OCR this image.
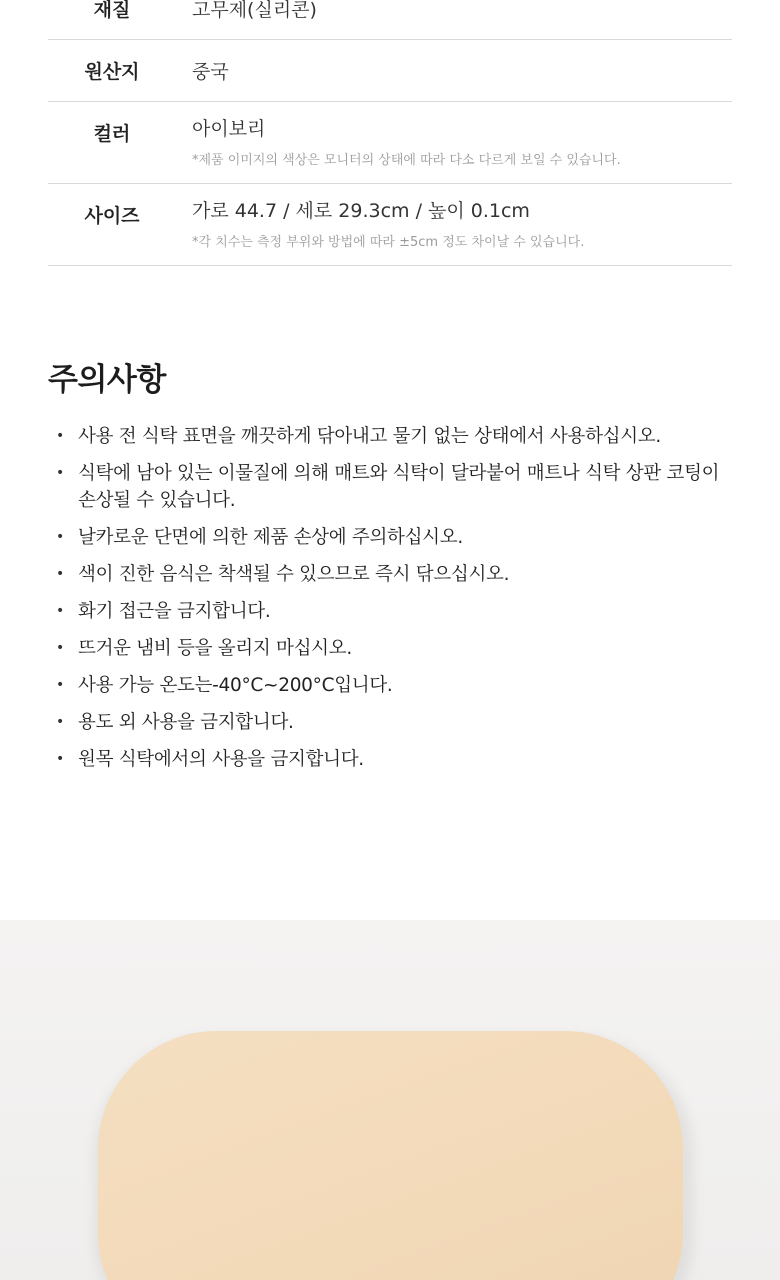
재질	고무제(실리콘)
원산지	중국
컬러	아이보리
*제품 이미지의 색상은 모니터의 상태에 따라 다소 다르게 보일 수 있습니다.
사이즈	가로 44.7 / 세로 29.3cm / 높이 0.1cm
*각 치수는 측정 부위와 방법에 따라 ±5cm 정도 차이날 수 있습니다.
주의사항
• 사용 전 식탁 표면을 깨끗하게 닦아내고 물기 없는 상태에서 사용하십시오.
• 식탁에 남아 있는 이물질에 의해 매트와 식탁이 달라붙어 매트나 식탁 상판 코팅이 손상될 수 있습니다.
• 날카로운 단면에 의한 제품 손상에 주의하십시오.
• 색이 진한 음식은 착색될 수 있으므로 즉시 닦으십시오.
• 화기 접근을 금지합니다.
• 뜨거운 냄비 등을 올리지 마십시오.
• 사용 가능 온도는-40°C~200°C입니다.
• 용도 외 사용을 금지합니다.
• 원목 식탁에서의 사용을 금지합니다.
